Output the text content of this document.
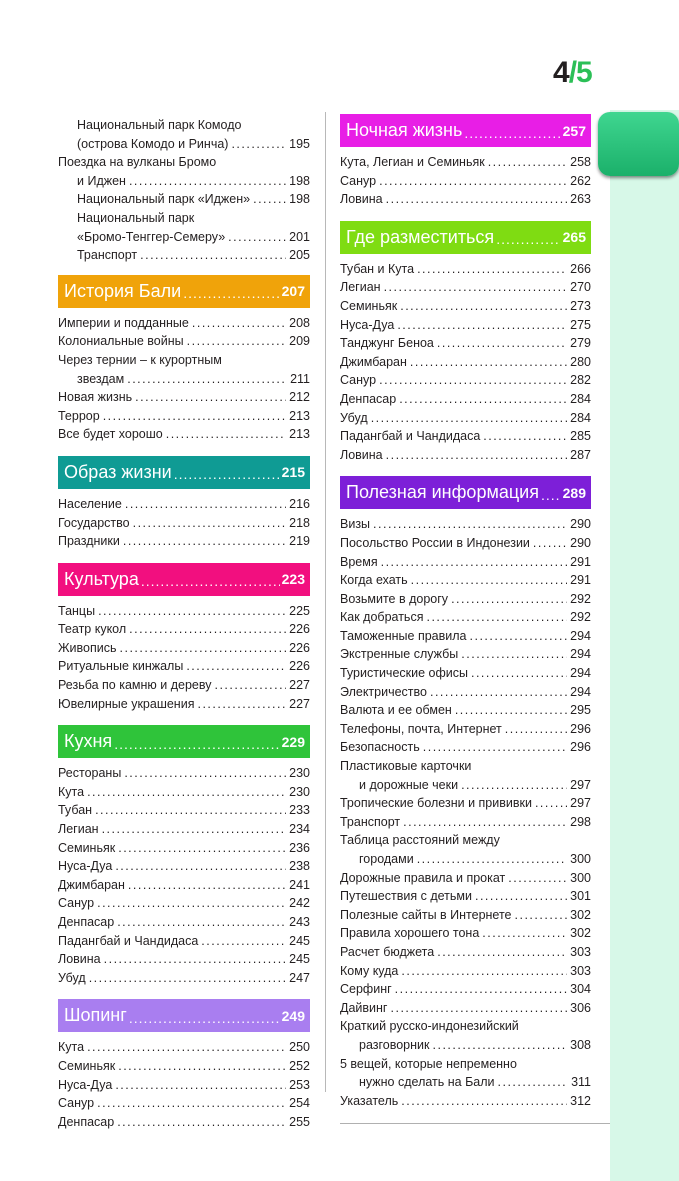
4/5
Национальный парк Комодо
(острова Комодо и Ринча) .....	195
Поездка на вулканы Бромо
и Иджен .....	198
Национальный парк «Иджен» .....	198
Национальный парк
«Бромо-Тенггер-Семеру» .....	201
Транспорт .....	205
История Бали .....	207
Империи и подданные .....	208
Колониальные войны .....	209
Через тернии – к курортным
звездам .....	211
Новая жизнь .....	212
Террор .....	213
Все будет хорошо .....	213
Образ жизни .....	215
Население .....	216
Государство .....	218
Праздники .....	219
Культура .....	223
Танцы .....	225
Театр кукол .....	226
Живопись .....	226
Ритуальные кинжалы .....	226
Резьба по камню и дереву .....	227
Ювелирные украшения .....	227
Кухня .....	229
Рестораны .....	230
Кута .....	230
Тубан .....	233
Легиан .....	234
Семиньяк .....	236
Нуса-Дуа .....	238
Джимбаран .....	241
Санур .....	242
Денпасар .....	243
Падангбай и Чандидаса .....	245
Ловина .....	245
Убуд .....	247
Шопинг .....	249
Кута .....	250
Семиньяк .....	252
Нуса-Дуа .....	253
Санур .....	254
Денпасар .....	255
Ночная жизнь .....	257
Кута, Легиан и Семиньяк .....	258
Санур .....	262
Ловина .....	263
Где разместиться .....	265
Тубан и Кута .....	266
Легиан .....	270
Семиньяк .....	273
Нуса-Дуа .....	275
Танджунг Беноа .....	279
Джимбаран .....	280
Санур .....	282
Денпасар .....	284
Убуд .....	284
Падангбай и Чандидаса .....	285
Ловина .....	287
Полезная информация ..... 289
Визы .....	290
Посольство России в Индонезии .....	290
Время .....	291
Когда ехать .....	291
Возьмите в дорогу .....	292
Как добраться .....	292
Таможенные правила .....	294
Экстренные службы .....	294
Туристические офисы .....	294
Электричество .....	294
Валюта и ее обмен .....	295
Телефоны, почта, Интернет .....	296
Безопасность .....	296
Пластиковые карточки
и дорожные чеки .....	297
Тропические болезни и прививки .....	297
Транспорт .....	298
Таблица расстояний между
городами .....	300
Дорожные правила и прокат .....	300
Путешествия с детьми .....	301
Полезные сайты в Интернете .....	302
Правила хорошего тона .....	302
Расчет бюджета .....	303
Кому куда .....	303
Серфинг .....	304
Дайвинг .....	306
Краткий русско-индонезийский
разговорник .....	308
5 вещей, которые непременно
нужно сделать на Бали .....	311
Указатель .....	312
